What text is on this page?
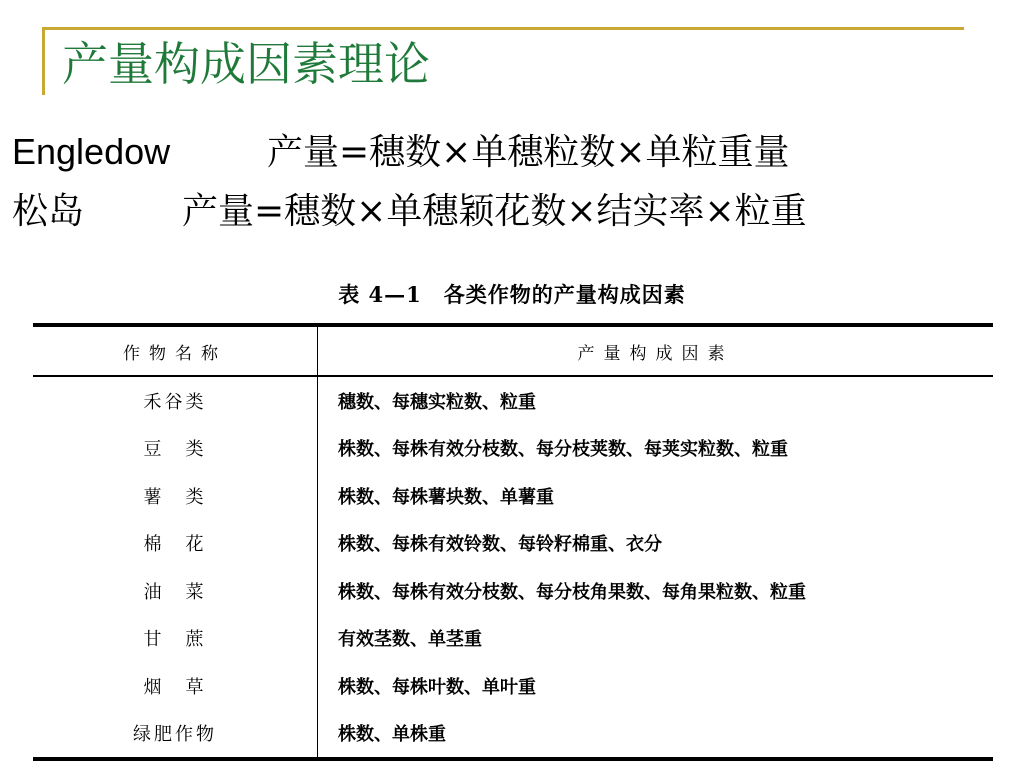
产量构成因素理论
Engledow	产量=穗数×单穗粒数×单粒重量
松岛	产量=穗数×单穗颖花数×结实率×粒重
表 4—1　各类作物的产量构成因素
作物名称	产量构成因素
禾谷类	穗数、每穗实粒数、粒重
豆　类	株数、每株有效分枝数、每分枝荚数、每荚实粒数、粒重
薯　类	株数、每株薯块数、单薯重
棉　花	株数、每株有效铃数、每铃籽棉重、衣分
油　菜	株数、每株有效分枝数、每分枝角果数、每角果粒数、粒重
甘　蔗	有效茎数、单茎重
烟　草	株数、每株叶数、单叶重
绿肥作物	株数、单株重
